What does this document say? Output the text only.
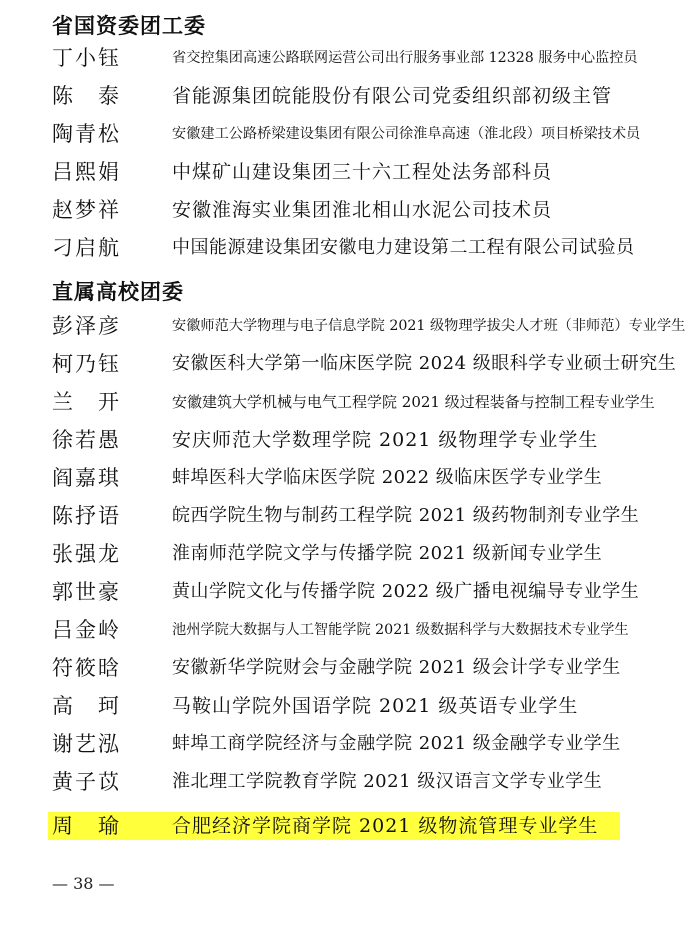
省国资委团工委
丁小钰	省交控集团高速公路联网运营公司出行服务事业部 12328 服务中心监控员
陈　泰	省能源集团皖能股份有限公司党委组织部初级主管
陶青松	安徽建工公路桥梁建设集团有限公司徐淮阜高速（淮北段）项目桥梁技术员
吕熙娟	中煤矿山建设集团三十六工程处法务部科员
赵梦祥	安徽淮海实业集团淮北相山水泥公司技术员
刁启航	中国能源建设集团安徽电力建设第二工程有限公司试验员
直属高校团委
彭泽彦	安徽师范大学物理与电子信息学院 2021 级物理学拔尖人才班（非师范）专业学生
柯乃钰	安徽医科大学第一临床医学院 2024 级眼科学专业硕士研究生
兰　开	安徽建筑大学机械与电气工程学院 2021 级过程装备与控制工程专业学生
徐若愚	安庆师范大学数理学院 2021 级物理学专业学生
阎嘉琪	蚌埠医科大学临床医学院 2022 级临床医学专业学生
陈抒语	皖西学院生物与制药工程学院 2021 级药物制剂专业学生
张强龙	淮南师范学院文学与传播学院 2021 级新闻专业学生
郭世豪	黄山学院文化与传播学院 2022 级广播电视编导专业学生
吕金岭	池州学院大数据与人工智能学院 2021 级数据科学与大数据技术专业学生
符筱晗	安徽新华学院财会与金融学院 2021 级会计学专业学生
高　珂	马鞍山学院外国语学院 2021 级英语专业学生
谢艺泓	蚌埠工商学院经济与金融学院 2021 级金融学专业学生
黄子苡	淮北理工学院教育学院 2021 级汉语言文学专业学生
周　瑜	合肥经济学院商学院 2021 级物流管理专业学生
— 38 —
